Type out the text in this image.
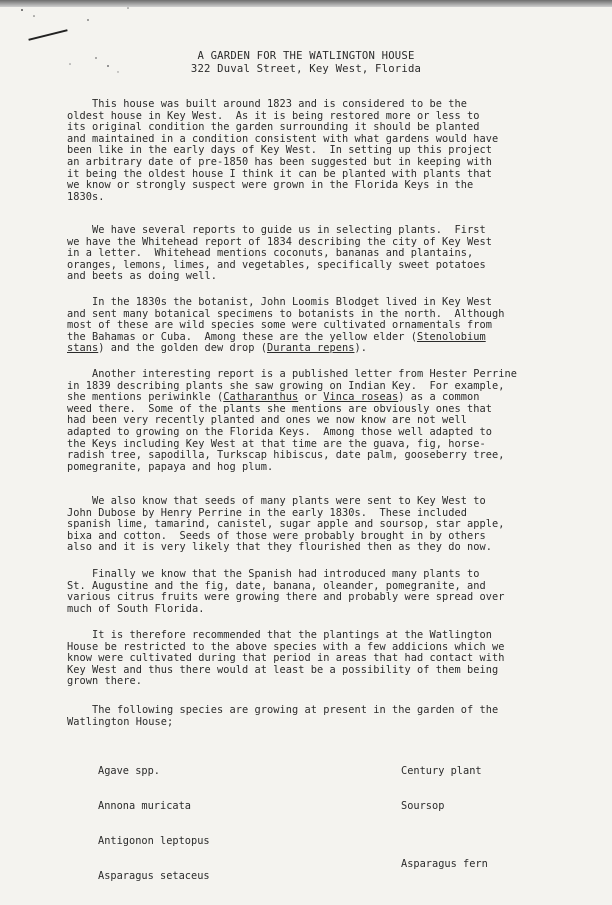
A GARDEN FOR THE WATLINGTON HOUSE
322 Duval Street, Key West, Florida
This house was built around 1823 and is considered to be the
oldest house in Key West.  As it is being restored more or less to
its original condition the garden surrounding it should be planted
and maintained in a condition consistent with what gardens would have
been like in the early days of Key West.  In setting up this project
an arbitrary date of pre-1850 has been suggested but in keeping with
it being the oldest house I think it can be planted with plants that
we know or strongly suspect were grown in the Florida Keys in the
1830s.
We have several reports to guide us in selecting plants.  First
we have the Whitehead report of 1834 describing the city of Key West
in a letter.  Whitehead mentions coconuts, bananas and plantains,
oranges, lemons, limes, and vegetables, specifically sweet potatoes
and beets as doing well.
In the 1830s the botanist, John Loomis Blodget lived in Key West
and sent many botanical specimens to botanists in the north.  Although
most of these are wild species some were cultivated ornamentals from
the Bahamas or Cuba.  Among these are the yellow elder (Stenolobium
stans) and the golden dew drop (Duranta repens).
Another interesting report is a published letter from Hester Perrine
in 1839 describing plants she saw growing on Indian Key.  For example,
she mentions periwinkle (Catharanthus or Vinca roseas) as a common
weed there.  Some of the plants she mentions are obviously ones that
had been very recently planted and ones we now know are not well
adapted to growing on the Florida Keys.  Among those well adapted to
the Keys including Key West at that time are the guava, fig, horse-
radish tree, sapodilla, Turkscap hibiscus, date palm, gooseberry tree,
pomegranite, papaya and hog plum.
We also know that seeds of many plants were sent to Key West to
John Dubose by Henry Perrine in the early 1830s.  These included
spanish lime, tamarind, canistel, sugar apple and soursop, star apple,
bixa and cotton.  Seeds of those were probably brought in by others
also and it is very likely that they flourished then as they do now.
Finally we know that the Spanish had introduced many plants to
St. Augustine and the fig, date, banana, oleander, pomegranite, and
various citrus fruits were growing there and probably were spread over
much of South Florida.
It is therefore recommended that the plantings at the Watlington
House be restricted to the above species with a few addicions which we
know were cultivated during that period in areas that had contact with
Key West and thus there would at least be a possibility of them being
grown there.
The following species are growing at present in the garden of the
Watlington House;

Agave spp.

Annona muricata

Antigonon leptopus

Asparagus setaceus

Century plant

Soursop

Asparagus fern
